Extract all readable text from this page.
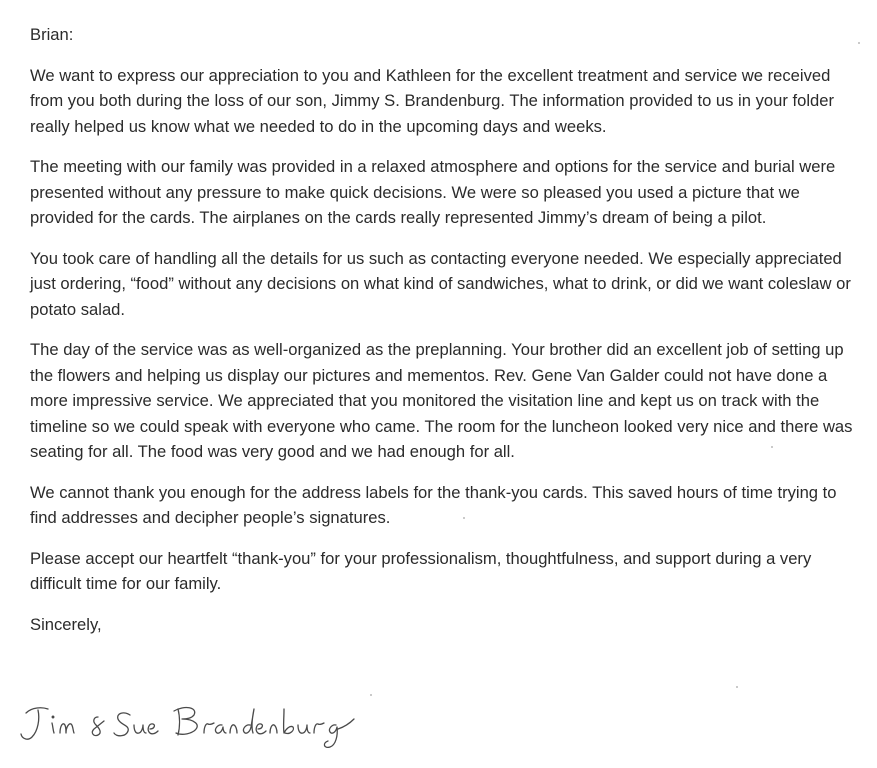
Brian:

We want to express our appreciation to you and Kathleen for the excellent treatment and service we received from you both during the loss of our son, Jimmy S. Brandenburg. The information provided to us in your folder really helped us know what we needed to do in the upcoming days and weeks.

The meeting with our family was provided in a relaxed atmosphere and options for the service and burial were presented without any pressure to make quick decisions. We were so pleased you used a picture that we provided for the cards. The airplanes on the cards really represented Jimmy’s dream of being a pilot.

You took care of handling all the details for us such as contacting everyone needed. We especially appreciated just ordering, “food” without any decisions on what kind of sandwiches, what to drink, or did we want coleslaw or potato salad.

The day of the service was as well-organized as the preplanning. Your brother did an excellent job of setting up the flowers and helping us display our pictures and mementos. Rev. Gene Van Galder could not have done a more impressive service. We appreciated that you monitored the visitation line and kept us on track with the timeline so we could speak with everyone who came. The room for the luncheon looked very nice and there was seating for all. The food was very good and we had enough for all.

We cannot thank you enough for the address labels for the thank-you cards. This saved hours of time trying to find addresses and decipher people’s signatures.

Please accept our heartfelt “thank-you” for your professionalism, thoughtfulness, and support during a very difficult time for our family.

Sincerely,
